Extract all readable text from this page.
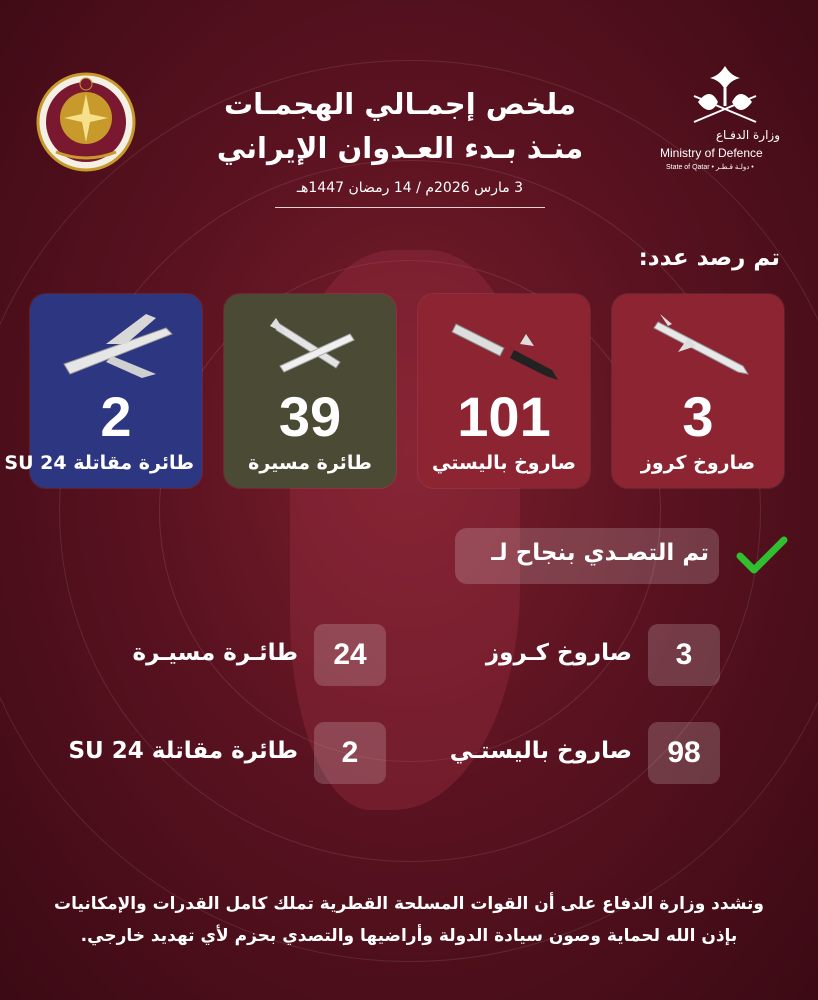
وزارة الدفـاع
Ministry of Defence
State of Qatar • دولـة قـطـر •
ملخص إجمـالي الهجمـات
منـذ بـدء العـدوان الإيراني
3 مارس 2026م / 14 رمضان 1447هـ
تم رصد عدد:
3
صاروخ كروز
101
صاروخ باليستي
39
طائرة مسيرة
2
طائرة مقاتلة SU 24
تم التصـدي بنجاح لـ
3
صاروخ كـروز
24
طائـرة مسيـرة
98
صاروخ باليستـي
2
طائرة مقاتلة SU 24
وتشدد وزارة الدفاع على أن القوات المسلحة القطرية تملك كامل القدرات والإمكانيات
بإذن الله لحماية وصون سيادة الدولة وأراضيها والتصدي بحزم لأي تهديد خارجي.
